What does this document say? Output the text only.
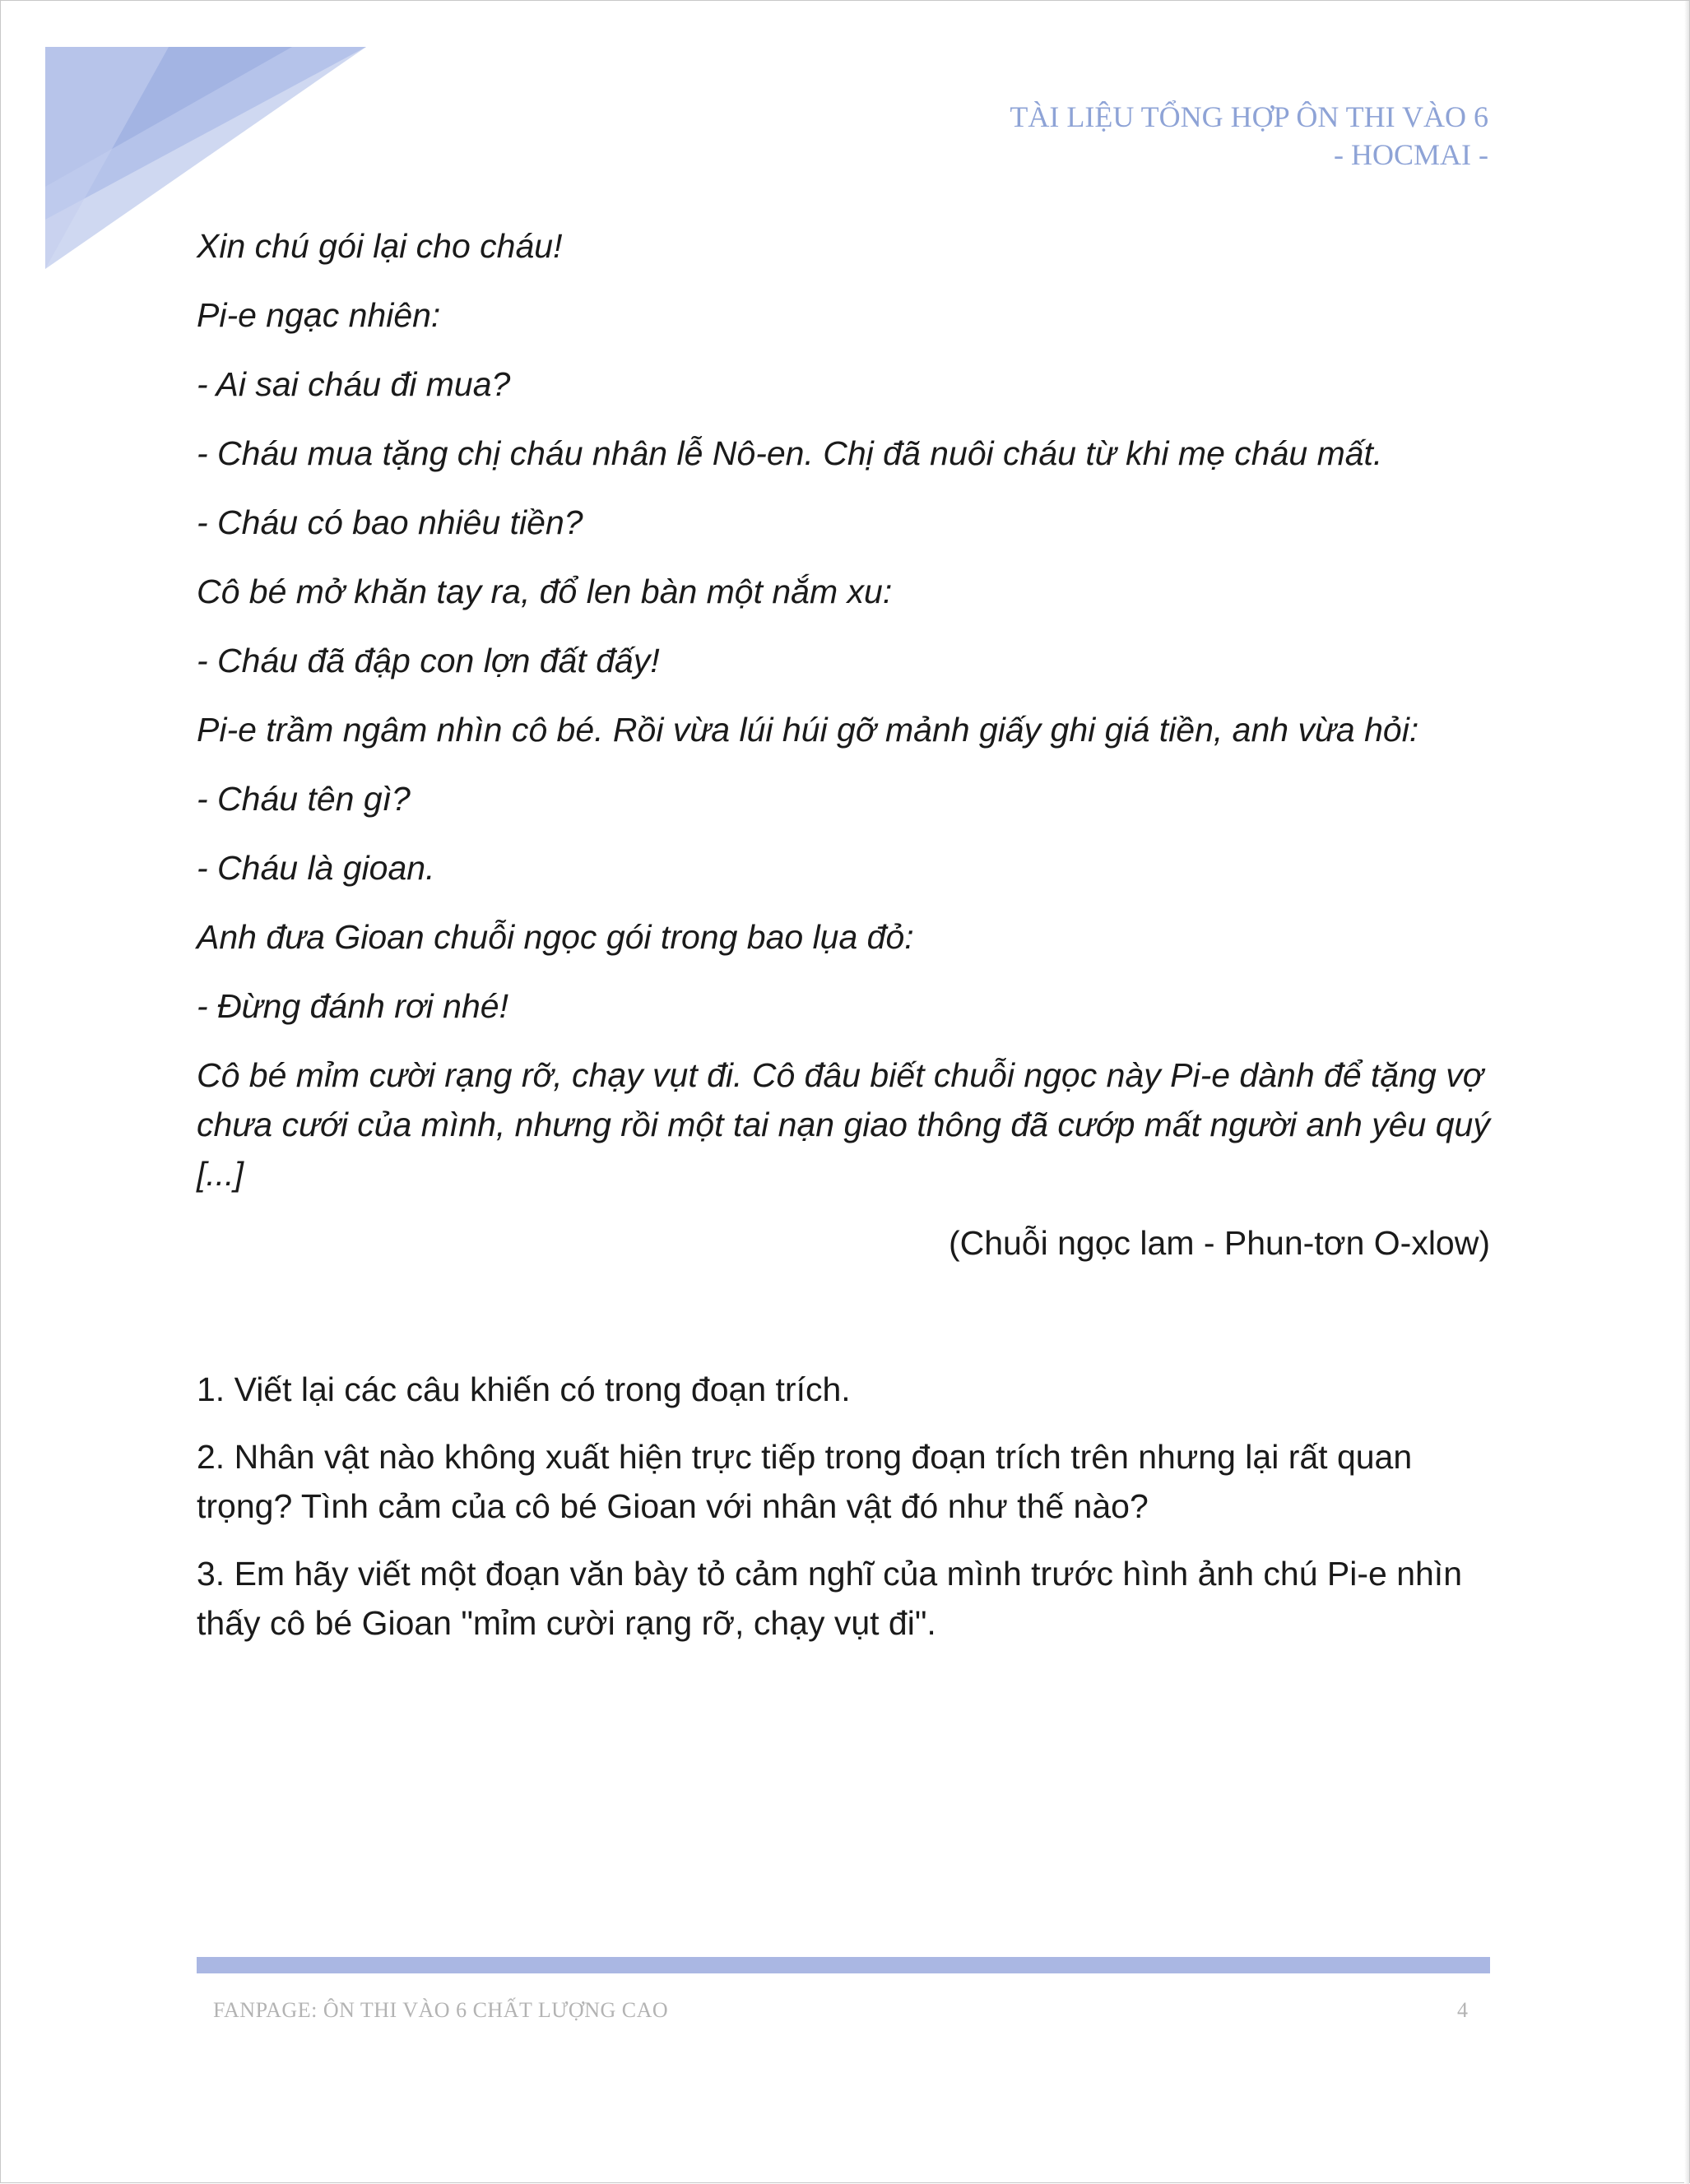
TÀI LIỆU TỔNG HỢP ÔN THI VÀO 6
- HOCMAI -

Xin chú gói lại cho cháu!

Pi-e ngạc nhiên:

- Ai sai cháu đi mua?

- Cháu mua tặng chị cháu nhân lễ Nô-en. Chị đã nuôi cháu từ khi mẹ cháu mất.

- Cháu có bao nhiêu tiền?

Cô bé mở khăn tay ra, đổ len bàn một nắm xu:

- Cháu đã đập con lợn đất đấy!

Pi-e trầm ngâm nhìn cô bé. Rồi vừa lúi húi gỡ mảnh giấy ghi giá tiền, anh vừa hỏi:

- Cháu tên gì?

- Cháu là gioan.

Anh đưa Gioan chuỗi ngọc gói trong bao lụa đỏ:

- Đừng đánh rơi nhé!

Cô bé mỉm cười rạng rỡ, chạy vụt đi. Cô đâu biết chuỗi ngọc này Pi-e dành để tặng vợ chưa cưới của mình, nhưng rồi một tai nạn giao thông đã cướp mất người anh yêu quý [...]

(Chuỗi ngọc lam - Phun-tơn O-xlow)

1. Viết lại các câu khiến có trong đoạn trích.

2. Nhân vật nào không xuất hiện trực tiếp trong đoạn trích trên nhưng lại rất quan trọng? Tình cảm của cô bé Gioan với nhân vật đó như thế nào?

3. Em hãy viết một đoạn văn bày tỏ cảm nghĩ của mình trước hình ảnh chú Pi-e nhìn thấy cô bé Gioan "mỉm cười rạng rỡ, chạy vụt đi".

FANPAGE: ÔN THI VÀO 6 CHẤT LƯỢNG CAO	4
